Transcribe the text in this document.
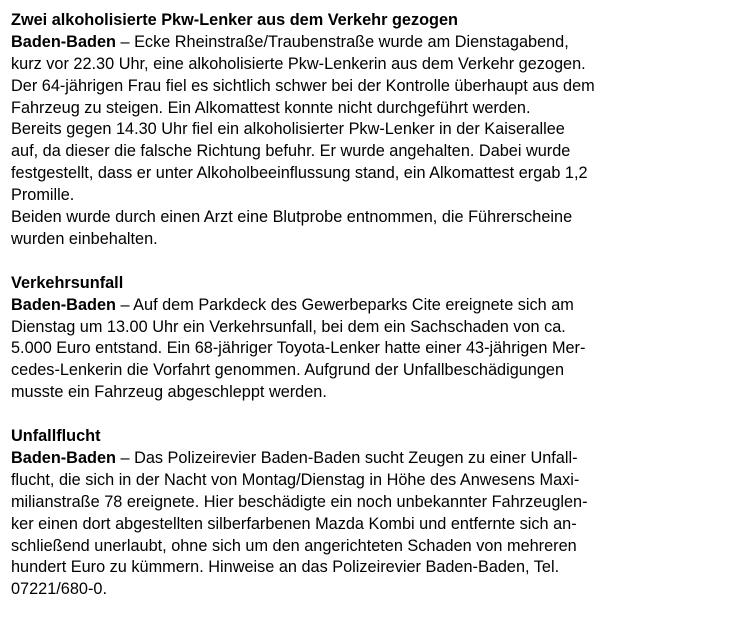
Zwei alkoholisierte Pkw-Lenker aus dem Verkehr gezogen
Baden-Baden – Ecke Rheinstraße/Traubenstraße wurde am Dienstagabend,
kurz vor 22.30 Uhr, eine alkoholisierte Pkw-Lenkerin aus dem Verkehr gezogen.
Der 64-jährigen Frau fiel es sichtlich schwer bei der Kontrolle überhaupt aus dem
Fahrzeug zu steigen. Ein Alkomattest konnte nicht durchgeführt werden.
Bereits gegen 14.30 Uhr fiel ein alkoholisierter Pkw-Lenker in der Kaiserallee
auf, da dieser die falsche Richtung befuhr. Er wurde angehalten. Dabei wurde
festgestellt, dass er unter Alkoholbeeinflussung stand, ein Alkomattest ergab 1,2
Promille.
Beiden wurde durch einen Arzt eine Blutprobe entnommen, die Führerscheine
wurden einbehalten.
Verkehrsunfall
Baden-Baden – Auf dem Parkdeck des Gewerbeparks Cite ereignete sich am
Dienstag um 13.00 Uhr ein Verkehrsunfall, bei dem ein Sachschaden von ca.
5.000 Euro entstand. Ein 68-jähriger Toyota-Lenker hatte einer 43-jährigen Mer-
cedes-Lenkerin die Vorfahrt genommen. Aufgrund der Unfallbeschädigungen
musste ein Fahrzeug abgeschleppt werden.
Unfallflucht
Baden-Baden – Das Polizeirevier Baden-Baden sucht Zeugen zu einer Unfall-
flucht, die sich in der Nacht von Montag/Dienstag in Höhe des Anwesens Maxi-
milianstraße 78 ereignete. Hier beschädigte ein noch unbekannter Fahrzeuglen-
ker einen dort abgestellten silberfarbenen Mazda Kombi und entfernte sich an-
schließend unerlaubt, ohne sich um den angerichteten Schaden von mehreren
hundert Euro zu kümmern. Hinweise an das Polizeirevier Baden-Baden, Tel.
07221/680-0.
